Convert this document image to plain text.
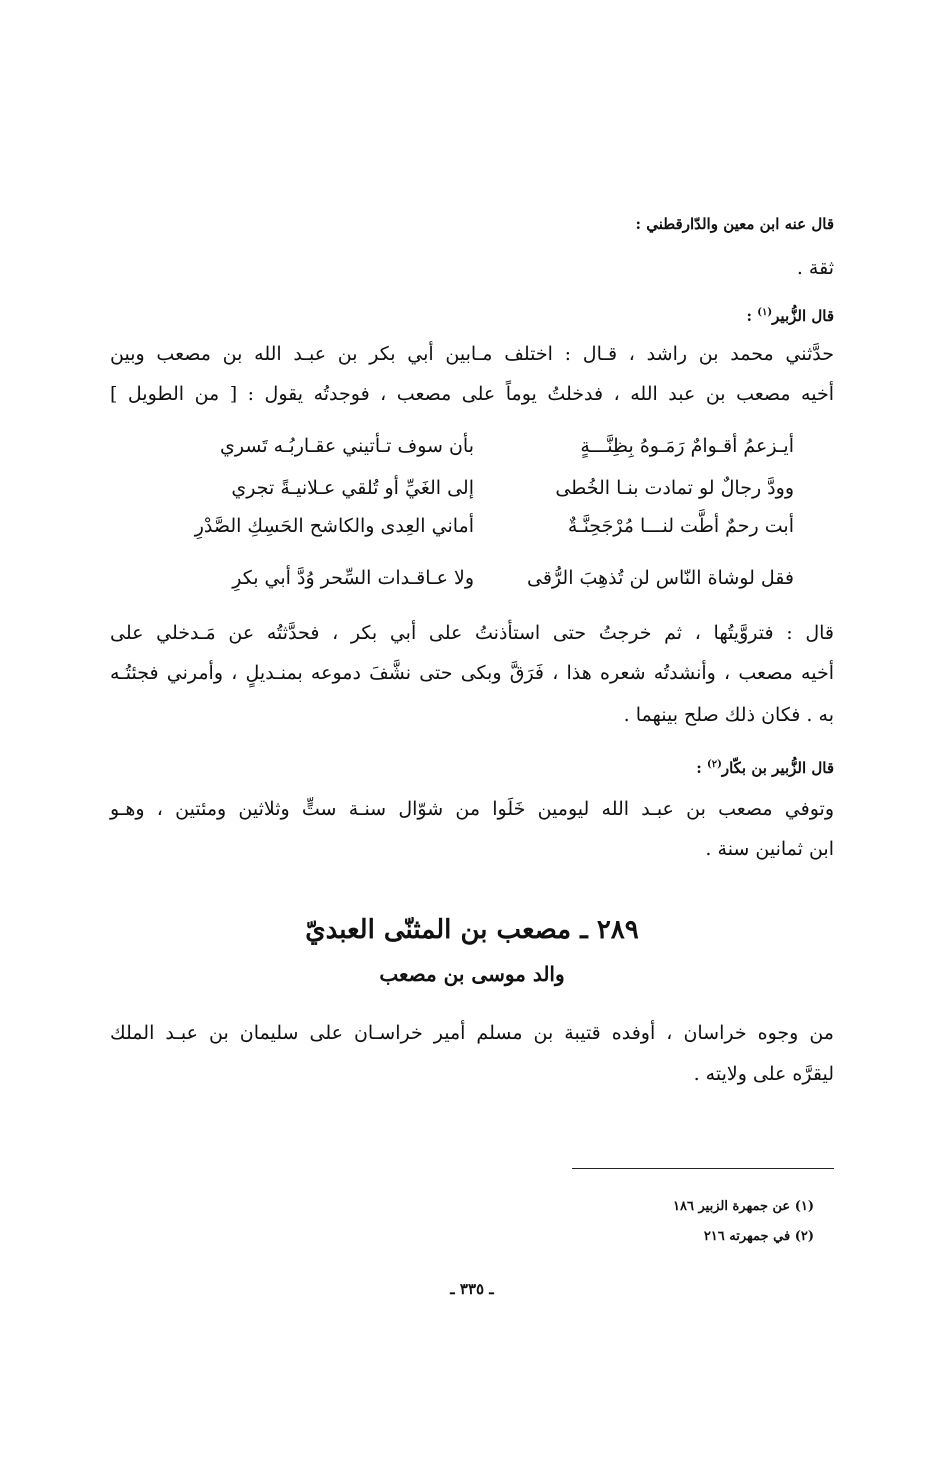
قال عنه ابن معين والدّارقطني :
ثقة .
قال الزُّبير$^{(١)}$ :
حدَّثني محمد بن راشد ، قـال : اختلف مـابين أبي بكر بن عبـد الله بن مصعب وبين
أخيه مصعب بن عبد الله ، فدخلتُ يوماً على مصعب ، فوجدتُه يقول : [ من الطويل ]
أيـزعمُ أقـوامٌ رَمَـوهُ بِظِنَّـــةٍ
بأن سوف تـأتيني عقـاربُـه تَسري
وودَّ رجالٌ لو تمادت بنـا الخُطى
إلى الغَيِّ أو تُلقي عـلانيـةً تجري
أبت رحمٌ أطَّت لنـــا مُرْجَحِنَّـةٌ
أماني العِدى والكاشح الحَسِكِ الصَّدْرِ
فقل لوشاة النّاس لن تُذهِبَ الرُّقى
ولا عـاقـدات السِّحر وُدَّ أبي بكرِ
قال : فتروَّيتُها ، ثم خرجتُ حتى استأذنتُ على أبي بكر ، فحدَّثتُه عن مَـدخلي على
أخيه مصعب ، وأنشدتُه شعره هذا ، فَرَقَّ وبكى حتى نشَّفَ دموعه بمنـديلٍ ، وأمرني فجئتُـه
به . فكان ذلك صلح بينهما .
قال الزُّبير بن بكّار$^{(٢)}$ :
وتوفي مصعب بن عبـد الله ليومين خَلَوا من شوّال سنـة ستٍّ وثلاثين ومئتين ، وهـو
ابن ثمانين سنة .
٢٨٩ ـ مصعب بن المثنّى العبديّ
والد موسى بن مصعب
من وجوه خراسان ، أوفده قتيبة بن مسلم أمير خراسـان على سليمان بن عبـد الملك
ليقرَّه على ولايته .
(١) عن جمهرة الزبير ١٨٦
(٢) في جمهرته ٢١٦
ـ ٣٣٥ ـ
